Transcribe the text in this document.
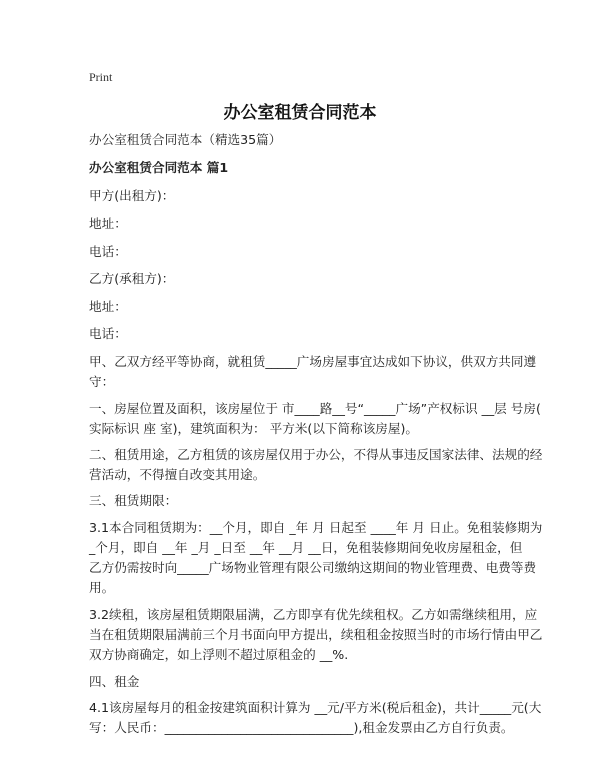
Print
办公室租赁合同范本
办公室租赁合同范本（精选35篇）
办公室租赁合同范本 篇1
甲方(出租方)：
地址：
电话：
乙方(承租方)：
地址：
电话：
甲、乙双方经平等协商，就租赁_____广场房屋事宜达成如下协议，供双方共同遵
守：
一、房屋位置及面积，该房屋位于 市____路__号“_____广场”产权标识 __层 号房(
实际标识 座 室)，建筑面积为： 平方米(以下简称该房屋)。
二、租赁用途，乙方租赁的该房屋仅用于办公，不得从事违反国家法律、法规的经
营活动，不得擅自改变其用途。
三、租赁期限：
3.1本合同租赁期为：__个月，即自 _年 月 日起至 ____年 月 日止。免租装修期为
_个月，即自 __年 _月 _日至 __年 __月 __日，免租装修期间免收房屋租金，但
乙方仍需按时向_____广场物业管理有限公司缴纳这期间的物业管理费、电费等费
用。
3.2续租，该房屋租赁期限届满，乙方即享有优先续租权。乙方如需继续租用，应
当在租赁期限届满前三个月书面向甲方提出，续租租金按照当时的市场行情由甲乙
双方协商确定，如上浮则不超过原租金的 __%.
四、租金
4.1该房屋每月的租金按建筑面积计算为 __元/平方米(税后租金)，共计_____元(大
写：人民币：______________________________),租金发票由乙方自行负责。
